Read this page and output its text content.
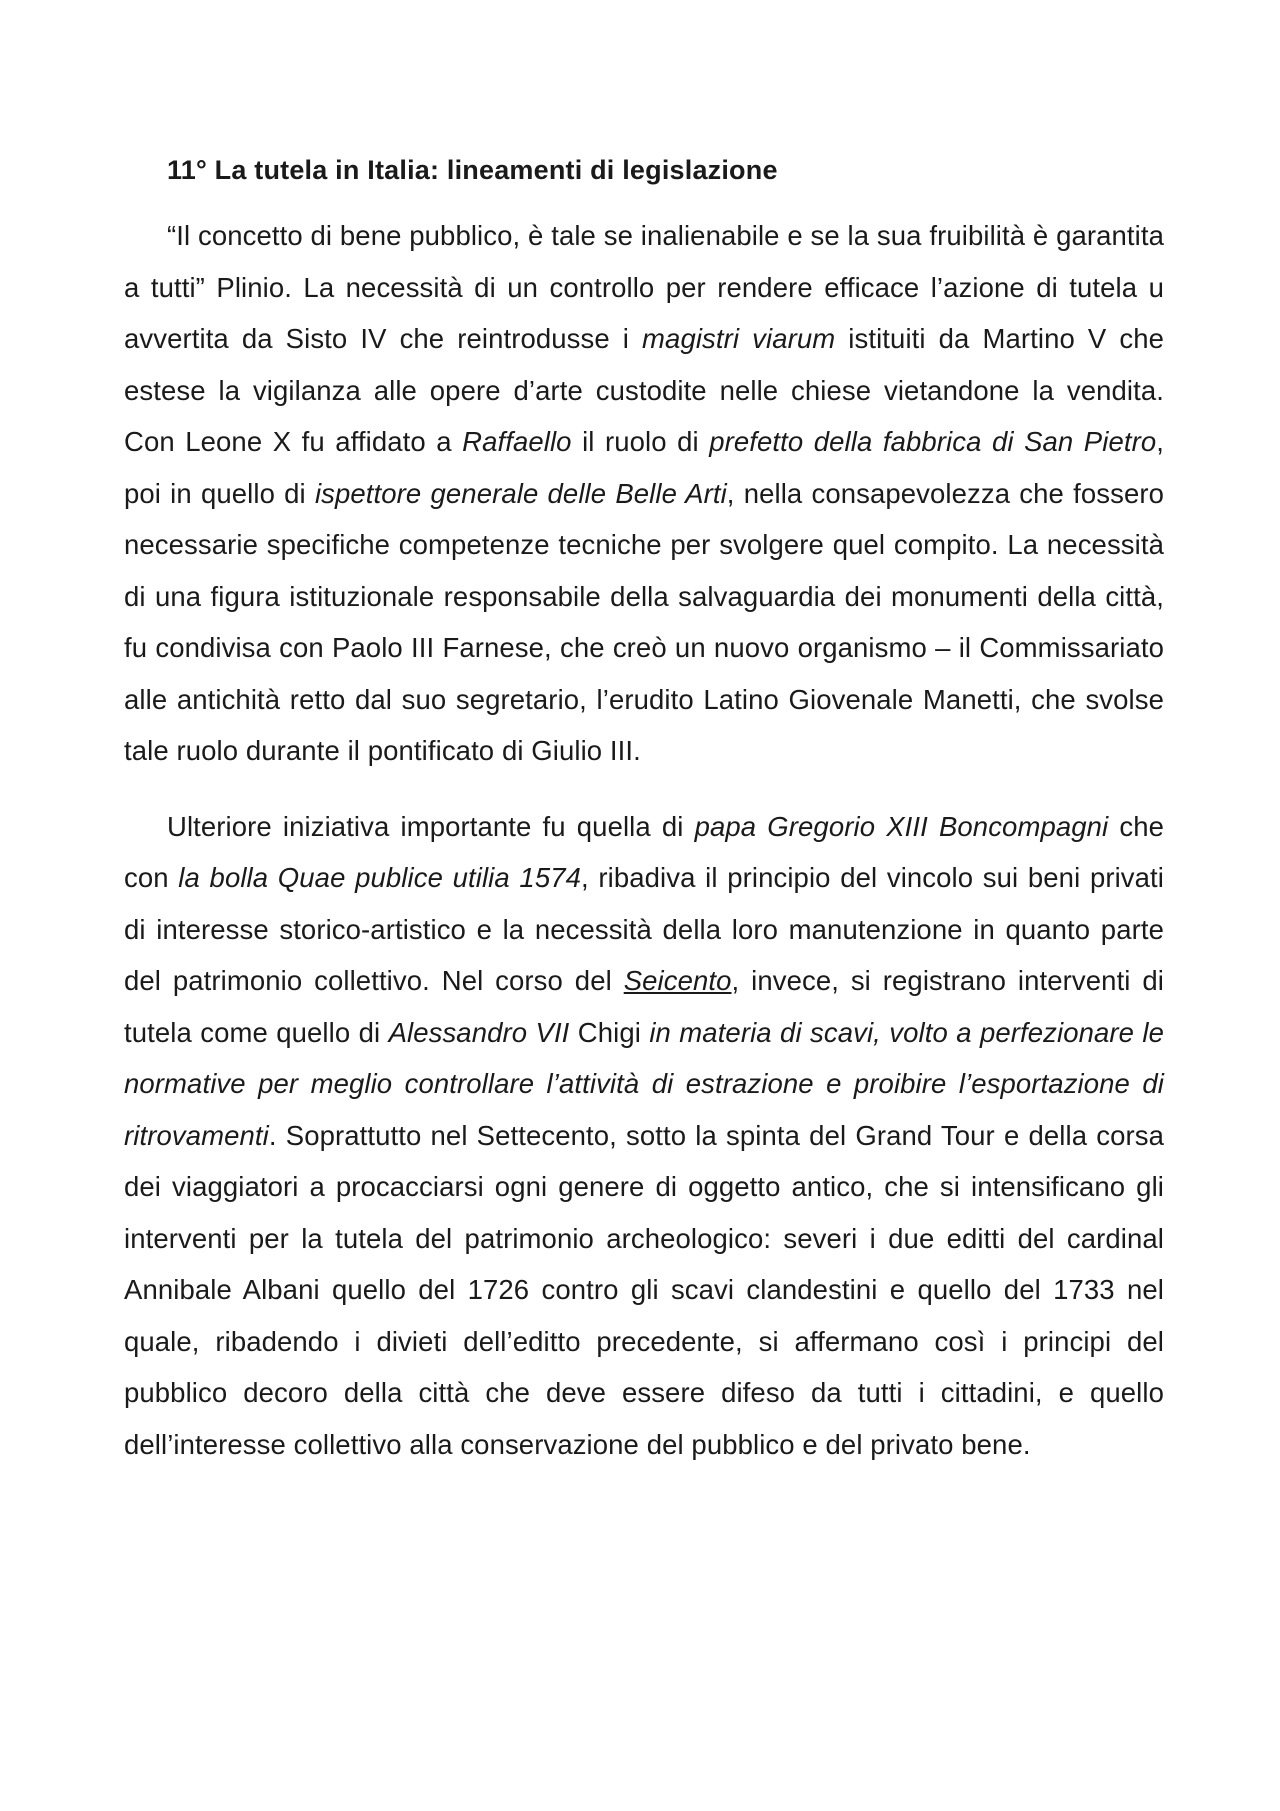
11° La tutela in Italia: lineamenti di legislazione

“Il concetto di bene pubblico, è tale se inalienabile e se la sua fruibilità è garantita a tutti” Plinio. La necessità di un controllo per rendere efficace l’azione di tutela u avvertita da Sisto IV che reintrodusse i magistri viarum istituiti da Martino V che estese la vigilanza alle opere d’arte custodite nelle chiese vietandone la vendita. Con Leone X fu affidato a Raffaello il ruolo di prefetto della fabbrica di San Pietro, poi in quello di ispettore generale delle Belle Arti, nella consapevolezza che fossero necessarie specifiche competenze tecniche per svolgere quel compito. La necessità di una figura istituzionale responsabile della salvaguardia dei monumenti della città, fu condivisa con Paolo III Farnese, che creò un nuovo organismo – il Commissariato alle antichità retto dal suo segretario, l’erudito Latino Giovenale Manetti, che svolse tale ruolo durante il pontificato di Giulio III.

Ulteriore iniziativa importante fu quella di papa Gregorio XIII Boncompagni che con la bolla Quae publice utilia 1574, ribadiva il principio del vincolo sui beni privati di interesse storico-artistico e la necessità della loro manutenzione in quanto parte del patrimonio collettivo. Nel corso del Seicento, invece, si registrano interventi di tutela come quello di Alessandro VII Chigi in materia di scavi, volto a perfezionare le normative per meglio controllare l’attività di estrazione e proibire l’esportazione di ritrovamenti. Soprattutto nel Settecento, sotto la spinta del Grand Tour e della corsa dei viaggiatori a procacciarsi ogni genere di oggetto antico, che si intensificano gli interventi per la tutela del patrimonio archeologico: severi i due editti del cardinal Annibale Albani quello del 1726 contro gli scavi clandestini e quello del 1733 nel quale, ribadendo i divieti dell’editto precedente, si affermano così i principi del pubblico decoro della città che deve essere difeso da tutti i cittadini, e quello dell’interesse collettivo alla conservazione del pubblico e del privato bene.
